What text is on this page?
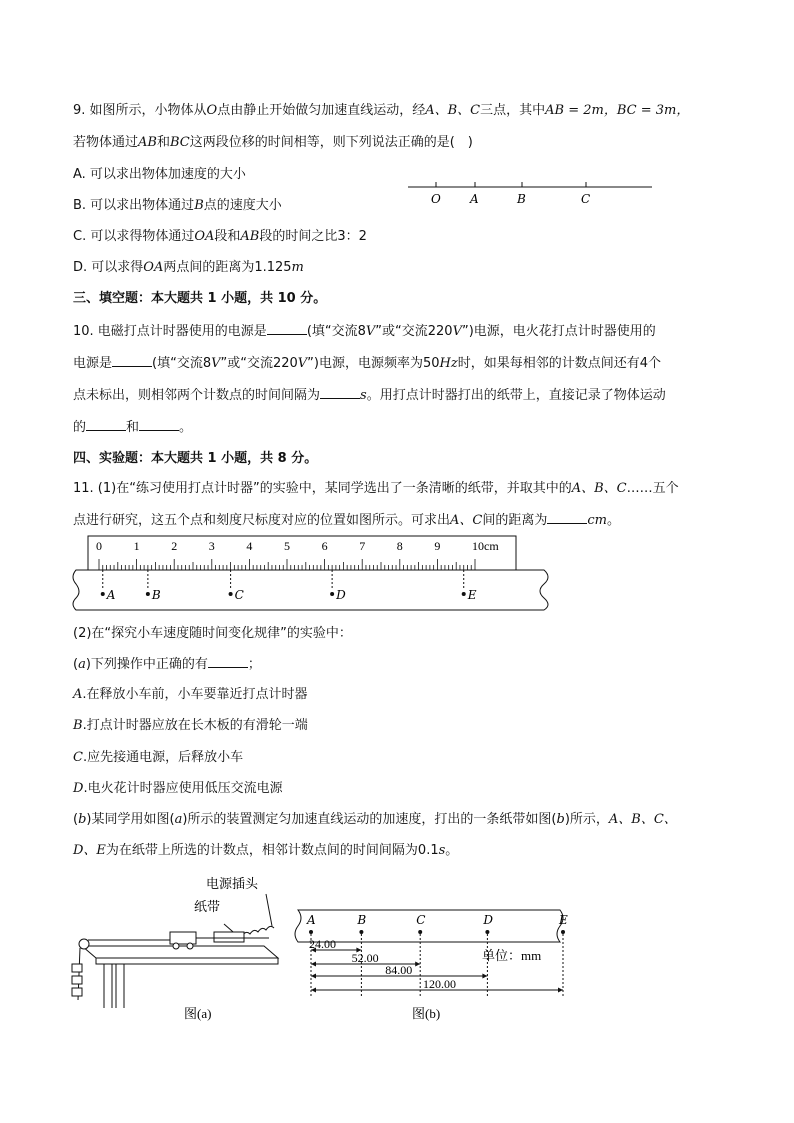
9. 如图所示，小物体从O点由静止开始做匀加速直线运动，经A、B、C三点，其中AB = 2m，BC = 3m，
若物体通过AB和BC这两段位移的时间相等，则下列说法正确的是(　)
A. 可以求出物体加速度的大小
B. 可以求出物体通过B点的速度大小
C. 可以求得物体通过OA段和AB段的时间之比3：2
D. 可以求得OA两点间的距离为1.125m
O A	B	C
三、填空题：本大题共 1 小题，共 10 分。
10. 电磁打点计时器使用的电源是	(填“交流8V”或“交流220V”)电源，电火花打点计时器使用的
电源是	(填“交流8V”或“交流220V”)电源，电源频率为50Hz时，如果每相邻的计数点间还有4个
点未标出，则相邻两个计数点的时间间隔为	s。用打点计时器打出的纸带上，直接记录了物体运动
的	和	。
四、实验题：本大题共 1 小题，共 8 分。
11. (1)在“练习使用打点计时器”的实验中，某同学选出了一条清晰的纸带，并取其中的A、B、C……五个
点进行研究，这五个点和刻度尺标度对应的位置如图所示。可求出A、C间的距离为	cm。
0	1	2	3	4	5	6	7	8	9	10cm
A	B	C	D	E
(2)在“探究小车速度随时间变化规律”的实验中：
(a)下列操作中正确的有	；
A.在释放小车前，小车要靠近打点计时器
B.打点计时器应放在长木板的有滑轮一端
C.应先接通电源，后释放小车
D.电火花计时器应使用低压交流电源
(b)某同学用如图(a)所示的装置测定匀加速直线运动的加速度，打出的一条纸带如图(b)所示，A、B、C、
D、E为在纸带上所选的计数点，相邻计数点间的时间间隔为0.1s。
电源插头
纸带
图(a)
A	B	C	D	E
24.00
52.00
84.00
120.00
单位：mm
图(b)
